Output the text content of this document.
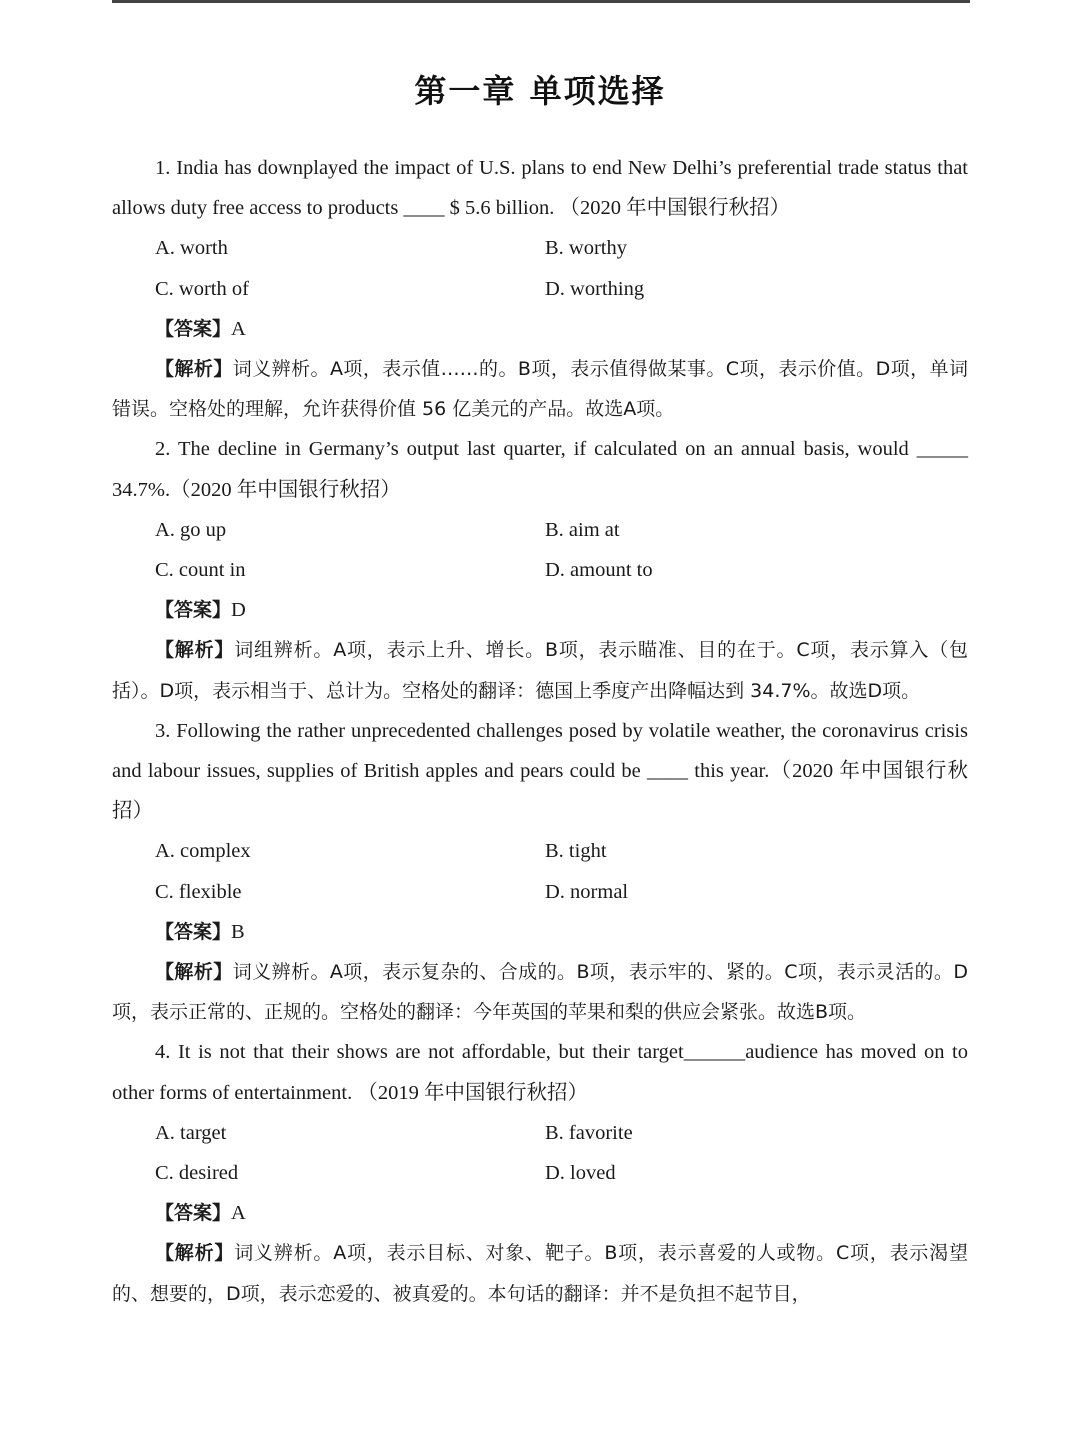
第一章 单项选择

1. India has downplayed the impact of U.S. plans to end New Delhi’s preferential trade status that allows duty free access to products ____ $ 5.6 billion. （2020 年中国银行秋招）

A. worth	B. worthy

C. worth of	D. worthing

【答案】A

【解析】词义辨析。A项，表示值……的。B项，表示值得做某事。C项，表示价值。D项，单词错误。空格处的理解，允许获得价值 56 亿美元的产品。故选A项。

2. The decline in Germany’s output last quarter, if calculated on an annual basis, would _____ 34.7%.（2020 年中国银行秋招）

A. go up	B. aim at

C. count in	D. amount to

【答案】D

【解析】词组辨析。A项，表示上升、增长。B项，表示瞄准、目的在于。C项，表示算入（包括）。D项，表示相当于、总计为。空格处的翻译：德国上季度产出降幅达到 34.7%。故选D项。

3. Following the rather unprecedented challenges posed by volatile weather, the coronavirus crisis and labour issues, supplies of British apples and pears could be ____ this year.（2020 年中国银行秋招）

A. complex	B. tight

C. flexible	D. normal

【答案】B

【解析】词义辨析。A项，表示复杂的、合成的。B项，表示牢的、紧的。C项，表示灵活的。D项，表示正常的、正规的。空格处的翻译：今年英国的苹果和梨的供应会紧张。故选B项。

4. It is not that their shows are not affordable, but their target______audience has moved on to other forms of entertainment. （2019 年中国银行秋招）

A. target	B. favorite

C. desired	D. loved

【答案】A

【解析】词义辨析。A项，表示目标、对象、靶子。B项，表示喜爱的人或物。C项，表示渴望的、想要的，D项，表示恋爱的、被真爱的。本句话的翻译：并不是负担不起节目，
